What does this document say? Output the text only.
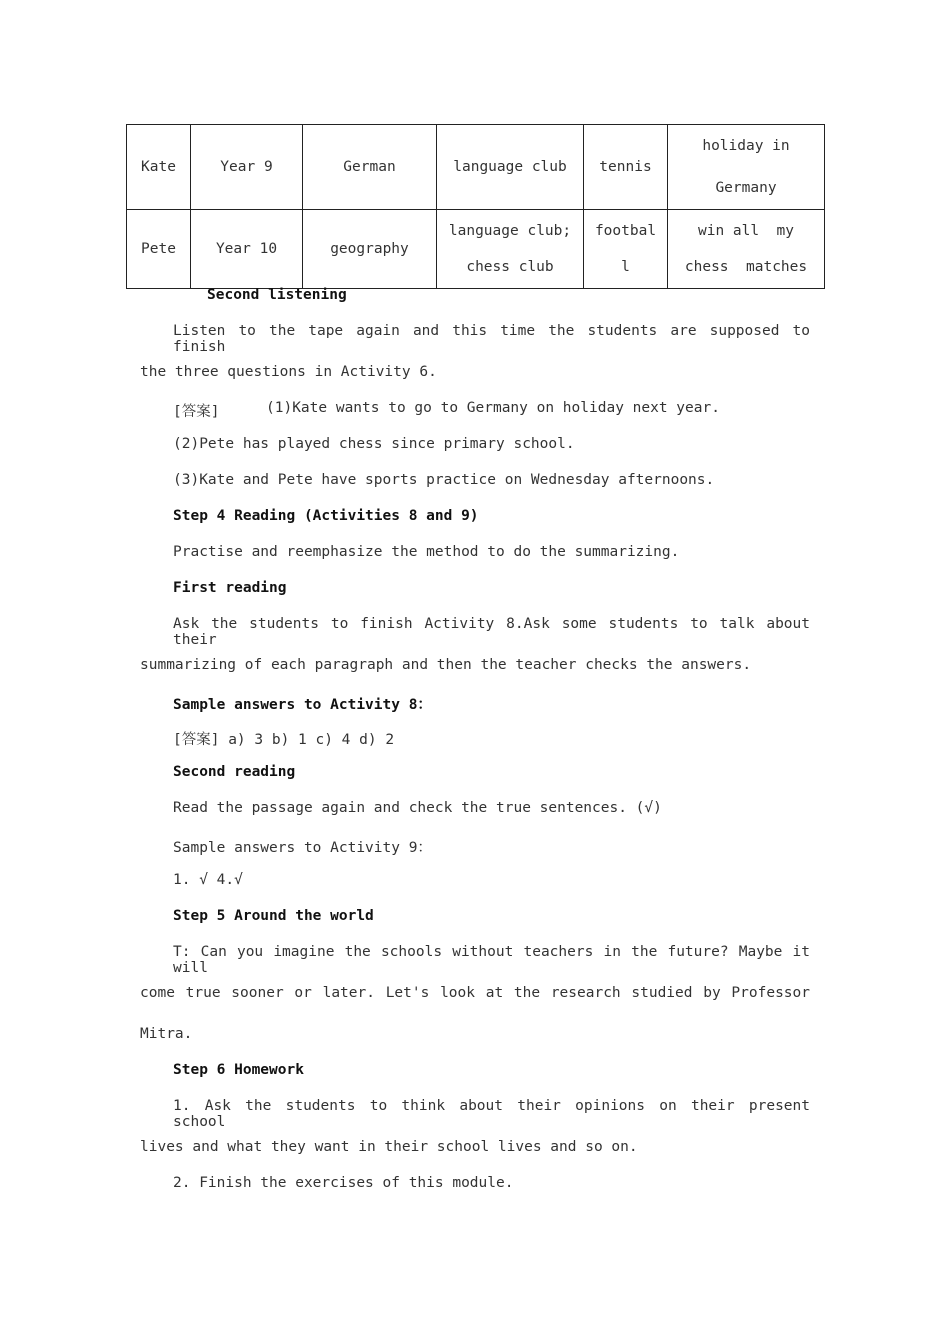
Kate	Year 9	German	language club	tennis	holiday in Germany
Pete	Year 10	geography	language club; chess club	football	win all  my chess  matches
Second listening
Listen to the tape again and this time the students are supposed to finish
the three questions in Activity 6.
[答案]	(1)Kate wants to go to Germany on holiday next year.
(2)Pete has played chess since primary school.
(3)Kate and Pete have sports practice on Wednesday afternoons.
Step 4 Reading (Activities 8 and 9)
Practise and reemphasize the method to do the summarizing.
First reading
Ask the students to finish Activity 8.Ask some students to talk about their
summarizing of each paragraph and then the teacher checks the answers.
Sample answers to Activity 8：
[答案] a) 3 b) 1 c) 4 d) 2
Second reading
Read the passage again and check the true sentences. (√)
Sample answers to Activity 9：
1. √ 4.√
Step 5 Around the world
T: Can you imagine the schools without teachers in the future? Maybe it will
come true sooner or later. Let's look at the research studied by Professor
Mitra.
Step 6 Homework
1. Ask the students to think about their opinions on their present school
lives and what they want in their school lives and so on.
2. Finish the exercises of this module.
